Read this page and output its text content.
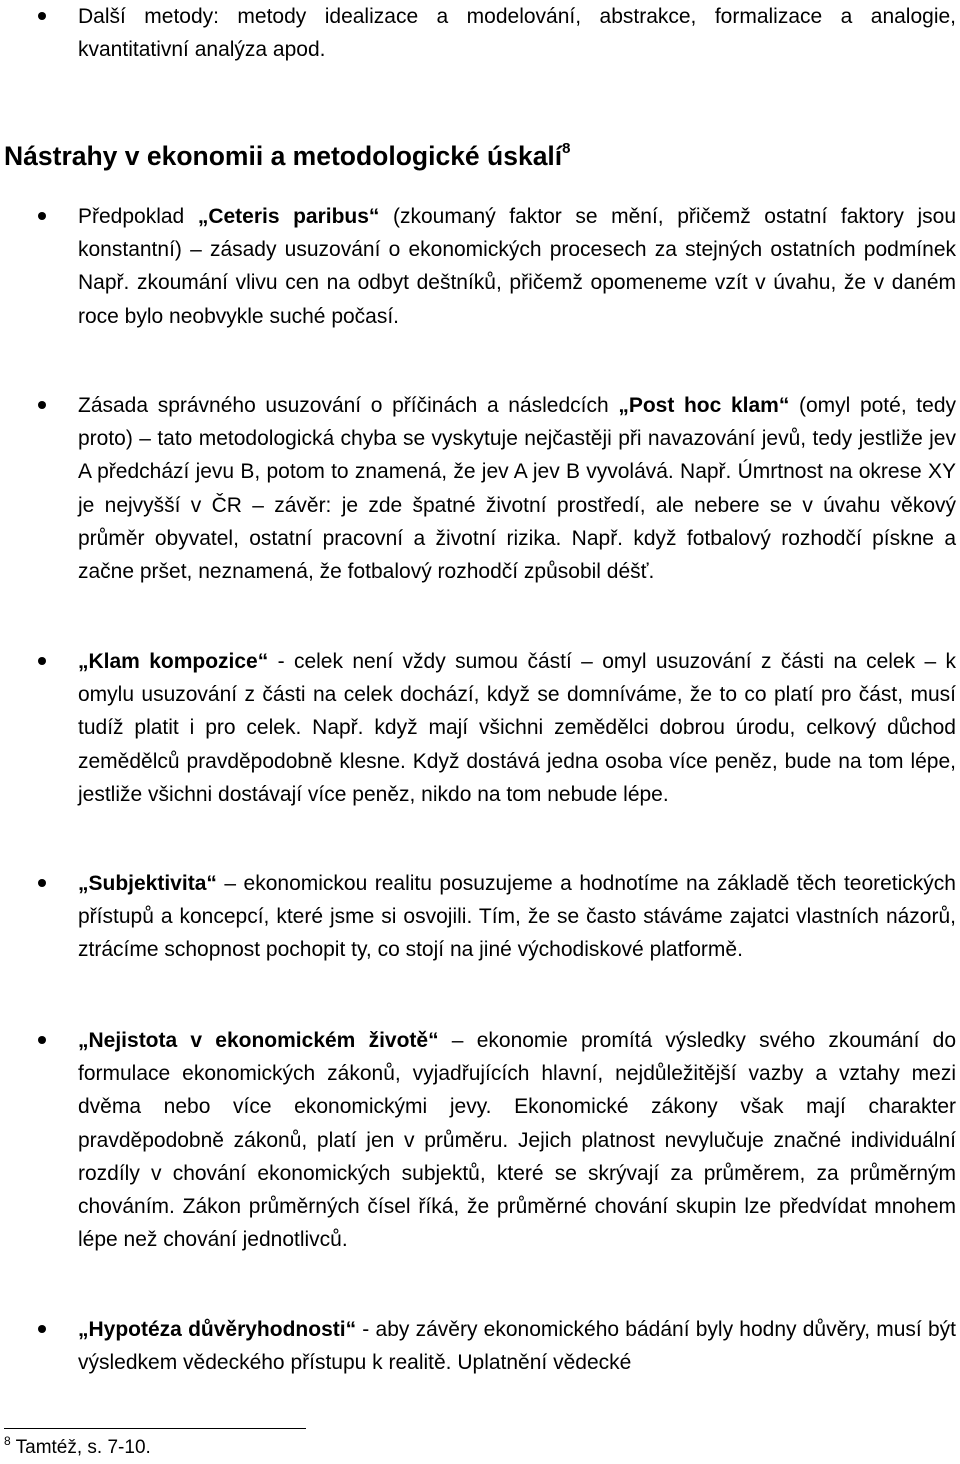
Další metody: metody idealizace a modelování, abstrakce, formalizace a analogie, kvantitativní analýza apod.
Nástrahy v ekonomii a metodologické úskalí$^8$
Předpoklad „Ceteris paribus“ (zkoumaný faktor se mění, přičemž ostatní faktory jsou konstantní) – zásady usuzování o ekonomických procesech za stejných ostatních podmínek Např. zkoumání vlivu cen na odbyt deštníků, přičemž opomeneme vzít v úvahu, že v daném roce bylo neobvykle suché počasí.
Zásada správného usuzování o příčinách a následcích „Post hoc klam“ (omyl poté, tedy proto) – tato metodologická chyba se vyskytuje nejčastěji při navazování jevů, tedy jestliže jev A předchází jevu B, potom to znamená, že jev A jev B vyvolává. Např. Úmrtnost na okrese XY je nejvyšší v ČR – závěr: je zde špatné životní prostředí, ale nebere se v úvahu věkový průměr obyvatel, ostatní pracovní a životní rizika. Např. když fotbalový rozhodčí pískne a začne pršet, neznamená, že fotbalový rozhodčí způsobil déšť.
„Klam kompozice“ - celek není vždy sumou částí – omyl usuzování z části na celek – k omylu usuzování z části na celek dochází, když se domníváme, že to co platí pro část, musí tudíž platit i pro celek. Např. když mají všichni zemědělci dobrou úrodu, celkový důchod zemědělců pravděpodobně klesne. Když dostává jedna osoba více peněz, bude na tom lépe, jestliže všichni dostávají více peněz, nikdo na tom nebude lépe.
„Subjektivita“ – ekonomickou realitu posuzujeme a hodnotíme na základě těch teoretických přístupů a koncepcí, které jsme si osvojili. Tím, že se často stáváme zajatci vlastních názorů, ztrácíme schopnost pochopit ty, co stojí na jiné východiskové platformě.
„Nejistota v ekonomickém životě“ – ekonomie promítá výsledky svého zkoumání do formulace ekonomických zákonů, vyjadřujících hlavní, nejdůležitější vazby a vztahy mezi dvěma nebo více ekonomickými jevy. Ekonomické zákony však mají charakter pravděpodobně zákonů, platí jen v průměru. Jejich platnost nevylučuje značné individuální rozdíly v chování ekonomických subjektů, které se skrývají za průměrem, za průměrným chováním. Zákon průměrných čísel říká, že průměrné chování skupin lze předvídat mnohem lépe než chování jednotlivců.
„Hypotéza důvěryhodnosti“ - aby závěry ekonomického bádání byly hodny důvěry, musí být výsledkem vědeckého přístupu k realitě. Uplatnění vědecké
$^8$ Tamtéž, s. 7-10.
